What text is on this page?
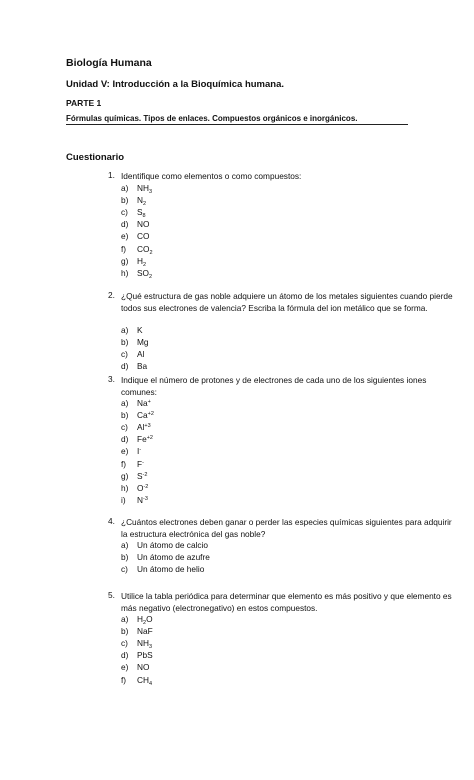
Biología Humana
Unidad V: Introducción a la Bioquímica humana.
PARTE 1
Fórmulas químicas. Tipos de enlaces. Compuestos orgánicos e inorgánicos.
Cuestionario
1. Identifique como elementos o como compuestos:
a) $NH_3$
b) $N_2$
c) $S_8$
d) NO
e) CO
f) $CO_2$
g) $H_2$
h) $SO_2$
2. ¿Qué estructura de gas noble adquiere un átomo de los metales siguientes cuando pierde
todos sus electrones de valencia? Escriba la fórmula del ion metálico que se forma.
a) K
b) Mg
c) Al
d) Ba
3. Indique el número de protones y de electrones de cada uno de los siguientes iones
comunes:
a) Na+
b) $Ca^{+2}$
c) $Al^{+3}$
d) $Fe^{+2}$
e) I-
f) F-
g) $S^{-2}$
h) $O^{-2}$
i) $N^{-3}$
4. ¿Cuántos electrones deben ganar o perder las especies químicas siguientes para adquirir
la estructura electrónica del gas noble?
a) Un átomo de calcio
b) Un átomo de azufre
c) Un átomo de helio
5. Utilice la tabla periódica para determinar que elemento es más positivo y que elemento es
más negativo (electronegativo) en estos compuestos.
a) $H_2O$
b) NaF
c) $NH_3$
d) PbS
e) NO
f) $CH_4$
